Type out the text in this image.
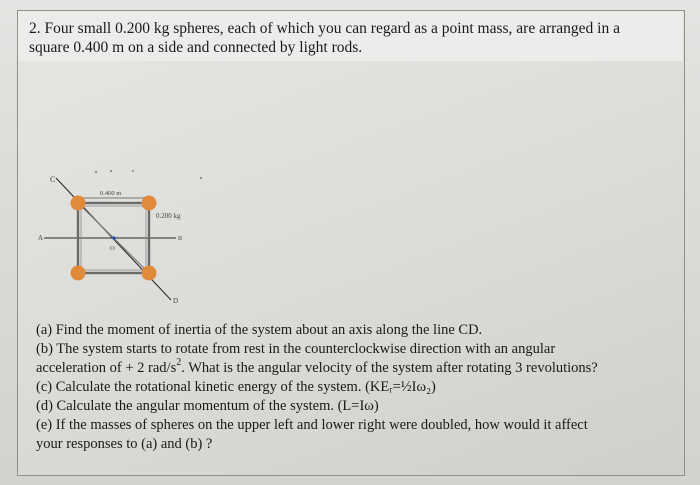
2. Four small 0.200 kg spheres, each of which you can regard as a point mass, are arranged in a
square 0.400 m on a side and connected by light rods.
0.400 m
0.200 kg
C
A	B
O
D
(a) Find the moment of inertia of the system about an axis along the line CD.
(b) The system starts to rotate from rest in the counterclockwise direction with an angular
acceleration of + 2 rad/$s^2$. What is the angular velocity of the system after rotating 3 revolutions?
(c) Calculate the rotational kinetic energy of the system. (KEᵣ=½Iω₂)
(d) Calculate the angular momentum of the system. (L=Iω)
(e) If the masses of spheres on the upper left and lower right were doubled, how would it affect
your responses to (a) and (b) ?
